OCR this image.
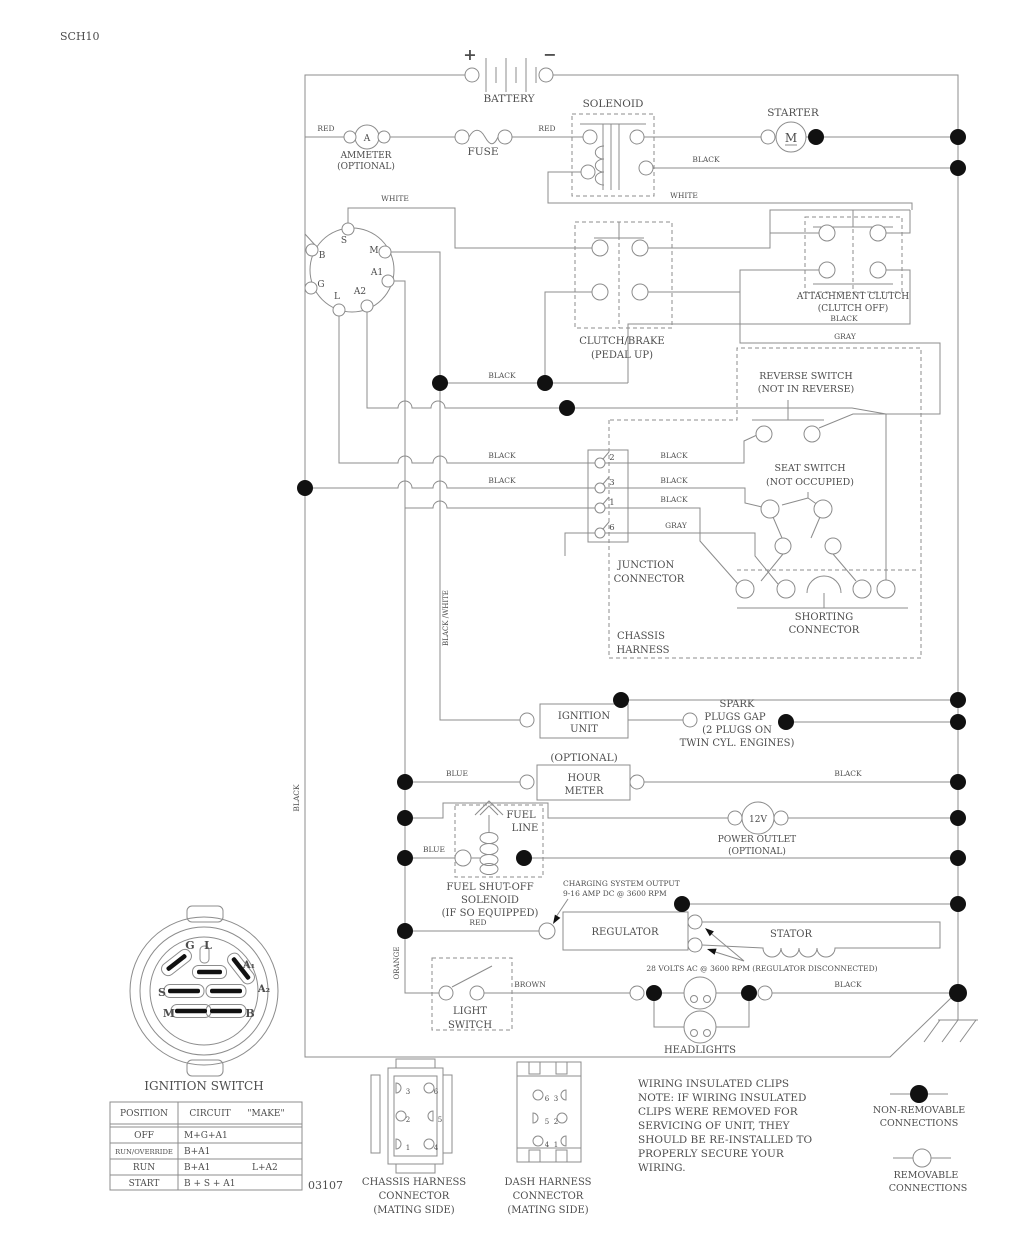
SCH10
+	−
BATTERY	SOLENOID
RED
AMMETER
(OPTIONAL)
A
FUSE
RED
STARTER
M
BLACK
WHITE	WHITE
S
M
B
A1
G
L A2
CLUTCH/BRAKE
(PEDAL UP)
ATTACHMENT CLUTCH
(CLUTCH OFF)
BLACK
GRAY
REVERSE SWITCH
(NOT IN REVERSE)
BLACK
BLACK
BLACK
BLACK
SEAT SWITCH
(NOT OCCUPIED)
BLACK
BLACK
GRAY
JUNCTION
CONNECTOR
SHORTING
CONNECTOR
CHASSIS
HARNESS
BLACK /WHITE
IGNITION
UNIT
SPARK
PLUGS GAP
(2 PLUGS ON
TWIN CYL. ENGINES)
(OPTIONAL)
BLUE	HOUR
METER
BLACK
FUEL
LINE
12V
POWER OUTLET
(OPTIONAL)
BLUE
FUEL SHUT-OFF
SOLENOID
(IF SO EQUIPPED)
CHARGING SYSTEM OUTPUT
9-16 AMP DC @ 3600 RPM
RED
REGULATOR	STATOR
28 VOLTS AC @ 3600 RPM (REGULATOR DISCONNECTED)
BLACK
ORANGE
BROWN
LIGHT
SWITCH
BLACK
HEADLIGHTS
G L
A₁
A₂
S
M	B
IGNITION SWITCH
03107
NON-REMOVABLE
CONNECTIONS
REMOVABLE
CONNECTIONS
CHASSIS HARNESS
CONNECTOR
(MATING SIDE)
DASH HARNESS
CONNECTOR
(MATING SIDE)
WIRING INSULATED CLIPS
NOTE: IF WIRING INSULATED
CLIPS WERE REMOVED FOR
SERVICING OF UNIT, THEY
SHOULD BE RE-INSTALLED TO
PROPERLY SECURE YOUR
WIRING.
POSITION CIRCUIT "MAKE"
OFF	M+G+A1
RUN/OVERRIDE B+A1
RUN	B+A1	L+A2
START	B + S + A1
2
3
1
6
3	6
2	5
1	4
6 3
5 2
4 1
